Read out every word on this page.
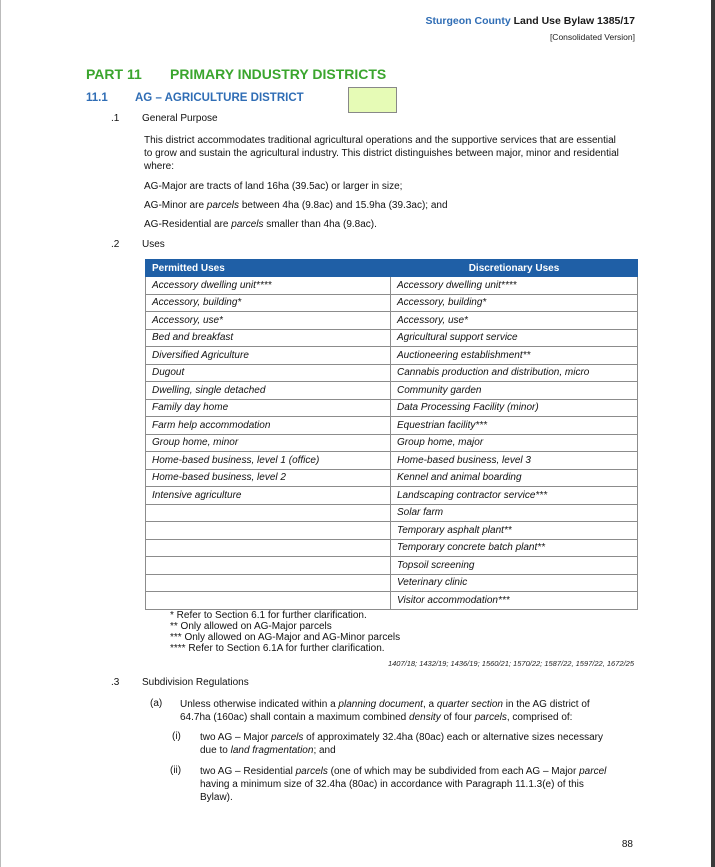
Sturgeon County Land Use Bylaw 1385/17
[Consolidated Version]
PART 11 PRIMARY INDUSTRY DISTRICTS
11.1 AG – AGRICULTURE DISTRICT
.1 General Purpose
This district accommodates traditional agricultural operations and the supportive services that are essential to grow and sustain the agricultural industry. This district distinguishes between major, minor and residential where:
AG-Major are tracts of land 16ha (39.5ac) or larger in size;
AG-Minor are parcels between 4ha (9.8ac) and 15.9ha (39.3ac); and
AG-Residential are parcels smaller than 4ha (9.8ac).
.2 Uses
Permitted Uses	Discretionary Uses
Accessory dwelling unit****	Accessory dwelling unit****
Accessory, building*	Accessory, building*
Accessory, use*	Accessory, use*
Bed and breakfast	Agricultural support service
Diversified Agriculture	Auctioneering establishment**
Dugout	Cannabis production and distribution, micro
Dwelling, single detached	Community garden
Family day home	Data Processing Facility (minor)
Farm help accommodation	Equestrian facility***
Group home, minor	Group home, major
Home-based business, level 1 (office)	Home-based business, level 3
Home-based business, level 2	Kennel and animal boarding
Intensive agriculture	Landscaping contractor service***
	Solar farm
	Temporary asphalt plant**
	Temporary concrete batch plant**
	Topsoil screening
	Veterinary clinic
	Visitor accommodation***
* Refer to Section 6.1 for further clarification.
** Only allowed on AG-Major parcels
*** Only allowed on AG-Major and AG-Minor parcels
**** Refer to Section 6.1A for further clarification.
1407/18; 1432/19; 1436/19; 1560/21; 1570/22; 1587/22, 1597/22, 1672/25
.3 Subdivision Regulations
(a) Unless otherwise indicated within a planning document, a quarter section in the AG district of
64.7ha (160ac) shall contain a maximum combined density of four parcels, comprised of:
(i) two AG – Major parcels of approximately 32.4ha (80ac) each or alternative sizes necessary
due to land fragmentation; and
(ii) two AG – Residential parcels (one of which may be subdivided from each AG – Major parcel
having a minimum size of 32.4ha (80ac) in accordance with Paragraph 11.1.3(e) of this
Bylaw).
88
